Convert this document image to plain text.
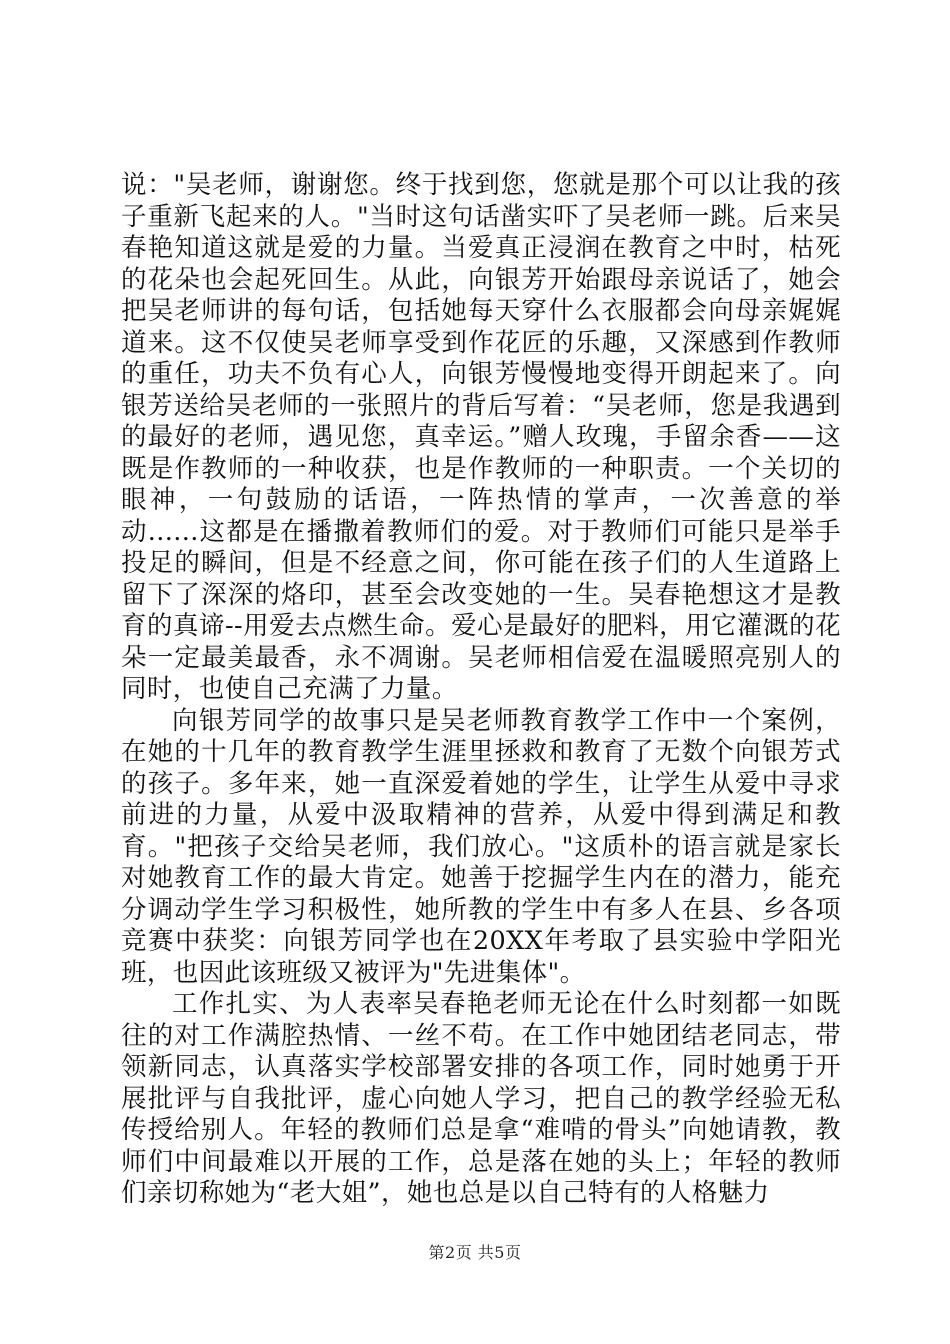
说："吴老师，谢谢您。终于找到您，您就是那个可以让我的孩子重新飞起来的人。"当时这句话凿实吓了吴老师一跳。后来吴春艳知道这就是爱的力量。当爱真正浸润在教育之中时，枯死的花朵也会起死回生。从此，向银芳开始跟母亲说话了，她会把吴老师讲的每句话，包括她每天穿什么衣服都会向母亲娓娓道来。这不仅使吴老师享受到作花匠的乐趣，又深感到作教师的重任，功夫不负有心人，向银芳慢慢地变得开朗起来了。向银芳送给吴老师的一张照片的背后写着：“吴老师，您是我遇到的最好的老师，遇见您，真幸运。”赠人玫瑰，手留余香——这既是作教师的一种收获，也是作教师的一种职责。一个关切的眼神，一句鼓励的话语，一阵热情的掌声，一次善意的举动......这都是在播撒着教师们的爱。对于教师们可能只是举手投足的瞬间，但是不经意之间，你可能在孩子们的人生道路上留下了深深的烙印，甚至会改变她的一生。吴春艳想这才是教育的真谛--用爱去点燃生命。爱心是最好的肥料，用它灌溉的花朵一定最美最香，永不凋谢。吴老师相信爱在温暖照亮别人的同时，也使自己充满了力量。

向银芳同学的故事只是吴老师教育教学工作中一个案例，在她的十几年的教育教学生涯里拯救和教育了无数个向银芳式的孩子。多年来，她一直深爱着她的学生，让学生从爱中寻求前进的力量，从爱中汲取精神的营养，从爱中得到满足和教育。"把孩子交给吴老师，我们放心。"这质朴的语言就是家长对她教育工作的最大肯定。她善于挖掘学生内在的潜力，能充分调动学生学习积极性，她所教的学生中有多人在县、乡各项竞赛中获奖：向银芳同学也在20XX年考取了县实验中学阳光班，也因此该班级又被评为"先进集体"。

工作扎实、为人表率吴春艳老师无论在什么时刻都一如既往的对工作满腔热情、一丝不苟。在工作中她团结老同志，带领新同志，认真落实学校部署安排的各项工作，同时她勇于开展批评与自我批评，虚心向她人学习，把自己的教学经验无私传授给别人。年轻的教师们总是拿“难啃的骨头”向她请教，教师们中间最难以开展的工作，总是落在她的头上；年轻的教师们亲切称她为“老大姐”，她也总是以自己特有的人格魅力

第2页 共5页
